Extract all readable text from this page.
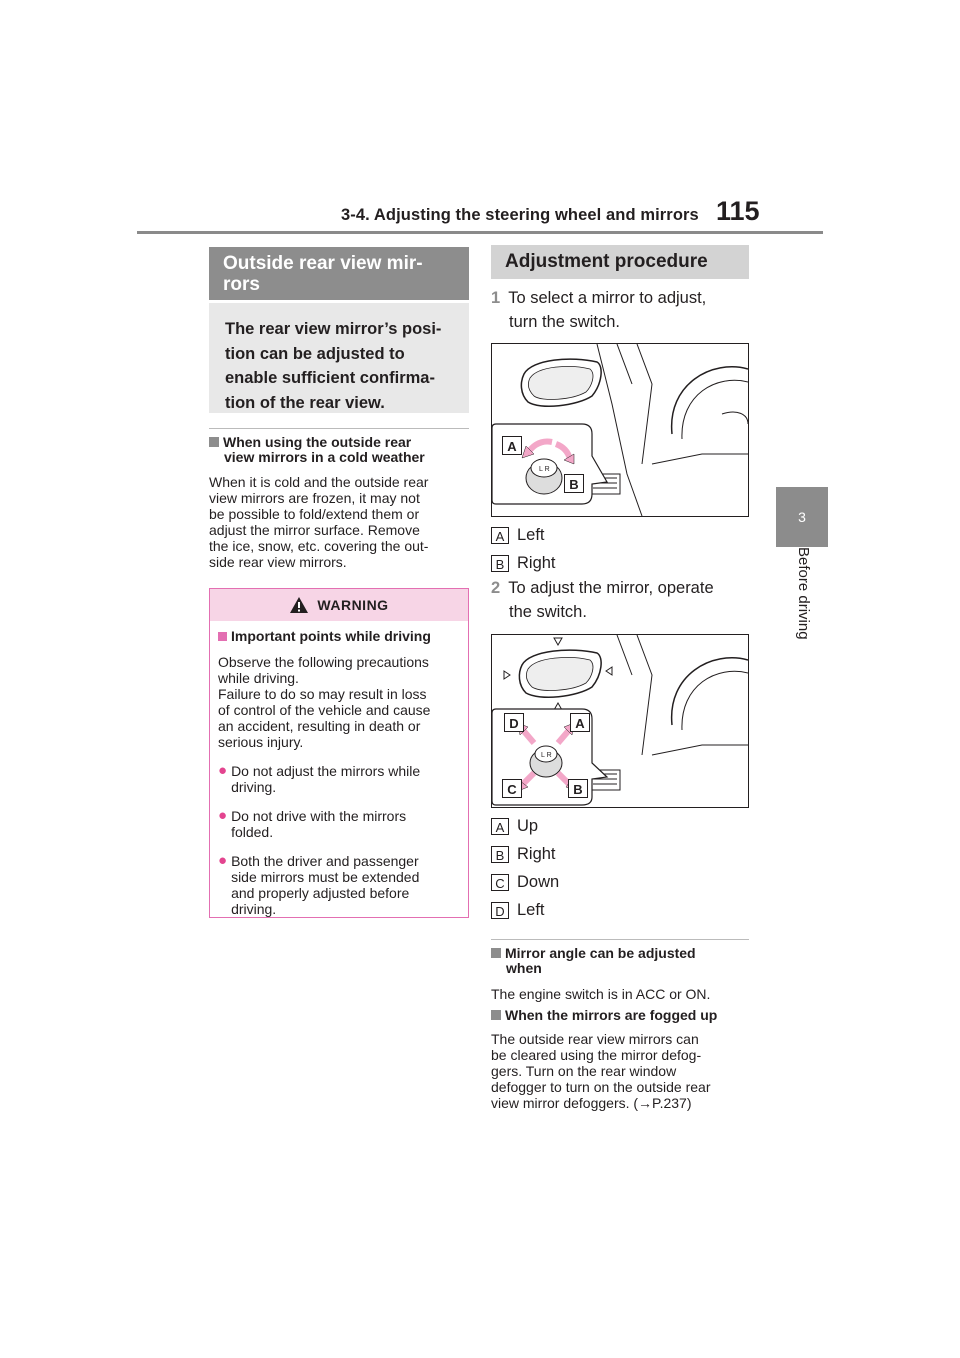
3-4. Adjusting the steering wheel and mirrors 115
3
Before driving
Outside rear view mir-
rors
The rear view mirror’s posi-
tion can be adjusted to
enable sufficient confirma-
tion of the rear view.
When using the outside rear
view mirrors in a cold weather
When it is cold and the outside rear
view mirrors are frozen, it may not
be possible to fold/extend them or
adjust the mirror surface. Remove
the ice, snow, etc. covering the out-
side rear view mirrors.
WARNING
Important points while driving
Observe the following precautions
while driving.
Failure to do so may result in loss
of control of the vehicle and cause
an accident, resulting in death or
serious injury.
● Do not adjust the mirrors while
driving.
● Do not drive with the mirrors
folded.
● Both the driver and passenger
side mirrors must be extended
and properly adjusted before
driving.
Adjustment procedure
1 To select a mirror to adjust,
turn the switch.
L R
A
B
A Left
B Right
2 To adjust the mirror, operate
the switch.
L R
D	A
C	B
A Up
B Right
C Down
D Left
Mirror angle can be adjusted
when
The engine switch is in ACC or ON.
When the mirrors are fogged up
The outside rear view mirrors can
be cleared using the mirror defog-
gers. Turn on the rear window
defogger to turn on the outside rear
view mirror defoggers. (→P.237)
